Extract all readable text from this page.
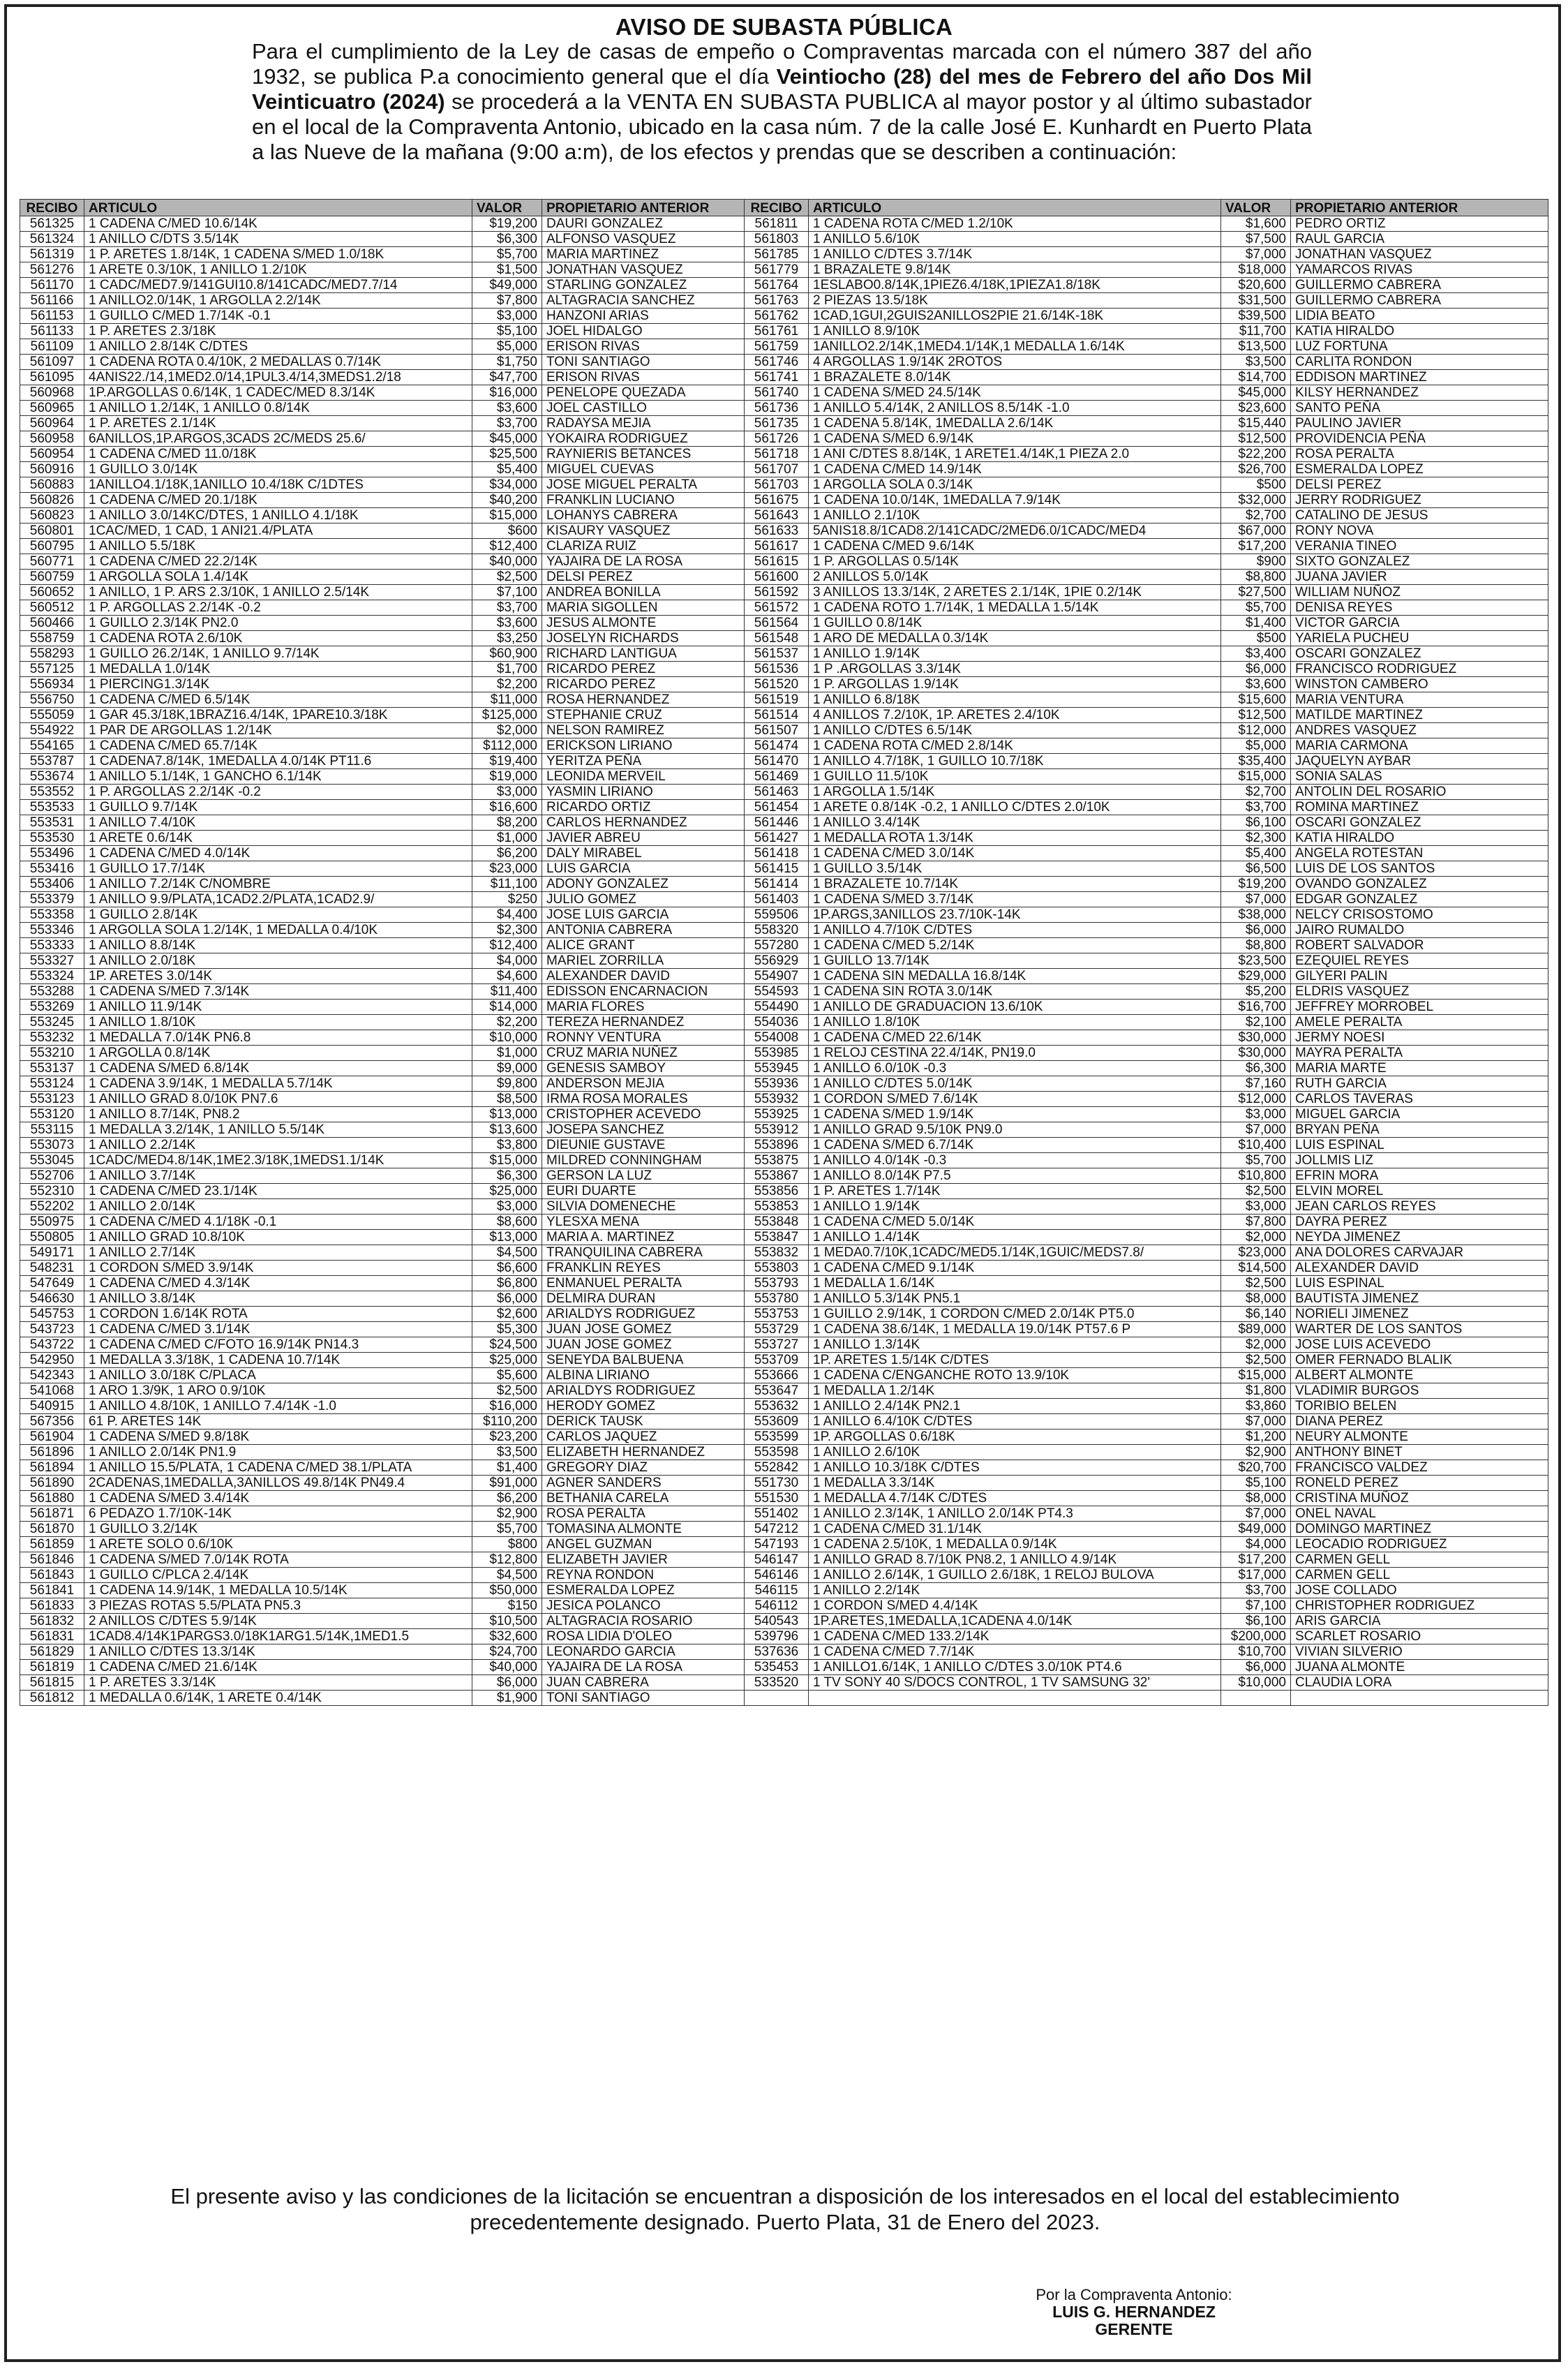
AVISO DE SUBASTA PÚBLICA
Para el cumplimiento de la Ley de casas de empeño o Compraventas marcada con el número 387 del año 1932, se publica P.a conocimiento general que el día Veintiocho (28) del mes de Febrero del año Dos Mil Veinticuatro (2024) se procederá a la VENTA EN SUBASTA PUBLICA al mayor postor y al último subastador en el local de la Compraventa Antonio, ubicado en la casa núm. 7 de la calle José E. Kunhardt en Puerto Plata a las Nueve de la mañana (9:00 a:m), de los efectos y prendas que se describen a continuación:
RECIBO	ARTICULO	VALOR	PROPIETARIO ANTERIOR	RECIBO	ARTICULO	VALOR	PROPIETARIO ANTERIOR
561325	1 CADENA C/MED 10.6/14K	$19,200	DAURI GONZALEZ	561811	1 CADENA ROTA C/MED 1.2/10K	$1,600	PEDRO ORTIZ
561324	1 ANILLO C/DTS 3.5/14K	$6,300	ALFONSO VASQUEZ	561803	1 ANILLO 5.6/10K	$7,500	RAUL GARCIA
561319	1 P. ARETES 1.8/14K, 1 CADENA S/MED 1.0/18K	$5,700	MARIA MARTINEZ	561785	1 ANILLO C/DTES 3.7/14K	$7,000	JONATHAN VASQUEZ
561276	1 ARETE 0.3/10K, 1 ANILLO 1.2/10K	$1,500	JONATHAN VASQUEZ	561779	1 BRAZALETE 9.8/14K	$18,000	YAMARCOS RIVAS
561170	1 CADC/MED7.9/141GUI10.8/141CADC/MED7.7/14	$49,000	STARLING GONZALEZ	561764	1ESLABO0.8/14K,1PIEZ6.4/18K,1PIEZA1.8/18K	$20,600	GUILLERMO CABRERA
561166	1 ANILLO2.0/14K, 1 ARGOLLA 2.2/14K	$7,800	ALTAGRACIA SANCHEZ	561763	2 PIEZAS 13.5/18K	$31,500	GUILLERMO CABRERA
561153	1 GUILLO C/MED 1.7/14K -0.1	$3,000	HANZONI ARIAS	561762	1CAD,1GUI,2GUIS2ANILLOS2PIE 21.6/14K-18K	$39,500	LIDIA BEATO
561133	1 P. ARETES 2.3/18K	$5,100	JOEL HIDALGO	561761	1 ANILLO 8.9/10K	$11,700	KATIA HIRALDO
561109	1 ANILLO 2.8/14K C/DTES	$5,000	ERISON RIVAS	561759	1ANILLO2.2/14K,1MED4.1/14K,1 MEDALLA 1.6/14K	$13,500	LUZ FORTUNA
561097	1 CADENA ROTA 0.4/10K, 2 MEDALLAS 0.7/14K	$1,750	TONI SANTIAGO	561746	4 ARGOLLAS 1.9/14K 2ROTOS	$3,500	CARLITA RONDON
561095	4ANIS22./14,1MED2.0/14,1PUL3.4/14,3MEDS1.2/18	$47,700	ERISON RIVAS	561741	1 BRAZALETE 8.0/14K	$14,700	EDDISON MARTINEZ
560968	1P.ARGOLLAS 0.6/14K, 1 CADEC/MED 8.3/14K	$16,000	PENELOPE QUEZADA	561740	1 CADENA S/MED 24.5/14K	$45,000	KILSY HERNANDEZ
560965	1 ANILLO 1.2/14K, 1 ANILLO 0.8/14K	$3,600	JOEL CASTILLO	561736	1 ANILLO 5.4/14K, 2 ANILLOS 8.5/14K -1.0	$23,600	SANTO PEÑA
560964	1 P. ARETES 2.1/14K	$3,700	RADAYSA MEJIA	561735	1 CADENA 5.8/14K, 1MEDALLA 2.6/14K	$15,440	PAULINO JAVIER
560958	6ANILLOS,1P.ARGOS,3CADS 2C/MEDS 25.6/	$45,000	YOKAIRA RODRIGUEZ	561726	1 CADENA S/MED 6.9/14K	$12,500	PROVIDENCIA PEÑA
560954	1 CADENA C/MED 11.0/18K	$25,500	RAYNIERIS BETANCES	561718	1 ANI C/DTES 8.8/14K, 1 ARETE1.4/14K,1 PIEZA 2.0	$22,200	ROSA PERALTA
560916	1 GUILLO 3.0/14K	$5,400	MIGUEL CUEVAS	561707	1 CADENA C/MED 14.9/14K	$26,700	ESMERALDA LOPEZ
560883	1ANILLO4.1/18K,1ANILLO 10.4/18K C/1DTES	$34,000	JOSE MIGUEL PERALTA	561703	1 ARGOLLA SOLA 0.3/14K	$500	DELSI PEREZ
560826	1 CADENA C/MED 20.1/18K	$40,200	FRANKLIN LUCIANO	561675	1 CADENA 10.0/14K, 1MEDALLA 7.9/14K	$32,000	JERRY RODRIGUEZ
560823	1 ANILLO 3.0/14KC/DTES, 1 ANILLO 4.1/18K	$15,000	LOHANYS CABRERA	561643	1 ANILLO 2.1/10K	$2,700	CATALINO DE JESUS
560801	1CAC/MED, 1 CAD, 1 ANI21.4/PLATA	$600	KISAURY VASQUEZ	561633	5ANIS18.8/1CAD8.2/141CADC/2MED6.0/1CADC/MED4	$67,000	RONY NOVA
560795	1 ANILLO 5.5/18K	$12,400	CLARIZA RUIZ	561617	1 CADENA C/MED 9.6/14K	$17,200	VERANIA TINEO
560771	1 CADENA C/MED 22.2/14K	$40,000	YAJAIRA DE LA ROSA	561615	1 P. ARGOLLAS 0.5/14K	$900	SIXTO GONZALEZ
560759	1 ARGOLLA SOLA 1.4/14K	$2,500	DELSI PEREZ	561600	2 ANILLOS 5.0/14K	$8,800	JUANA JAVIER
560652	1 ANILLO, 1 P. ARS 2.3/10K, 1 ANILLO 2.5/14K	$7,100	ANDREA BONILLA	561592	3 ANILLOS 13.3/14K, 2 ARETES 2.1/14K, 1PIE 0.2/14K	$27,500	WILLIAM NUÑOZ
560512	1 P. ARGOLLAS 2.2/14K -0.2	$3,700	MARIA SIGOLLEN	561572	1 CADENA ROTO 1.7/14K, 1 MEDALLA 1.5/14K	$5,700	DENISA REYES
560466	1 GUILLO 2.3/14K PN2.0	$3,600	JESUS ALMONTE	561564	1 GUILLO 0.8/14K	$1,400	VICTOR GARCIA
558759	1 CADENA ROTA 2.6/10K	$3,250	JOSELYN RICHARDS	561548	1 ARO DE MEDALLA 0.3/14K	$500	YARIELA PUCHEU
558293	1 GUILLO 26.2/14K, 1 ANILLO 9.7/14K	$60,900	RICHARD LANTIGUA	561537	1 ANILLO 1.9/14K	$3,400	OSCARI GONZALEZ
557125	1 MEDALLA 1.0/14K	$1,700	RICARDO PEREZ	561536	1 P .ARGOLLAS 3.3/14K	$6,000	FRANCISCO RODRIGUEZ
556934	1 PIERCING1.3/14K	$2,200	RICARDO PEREZ	561520	1 P. ARGOLLAS 1.9/14K	$3,600	WINSTON CAMBERO
556750	1 CADENA C/MED 6.5/14K	$11,000	ROSA HERNANDEZ	561519	1 ANILLO 6.8/18K	$15,600	MARIA VENTURA
555059	1 GAR 45.3/18K,1BRAZ16.4/14K, 1PARE10.3/18K	$125,000	STEPHANIE CRUZ	561514	4 ANILLOS 7.2/10K, 1P. ARETES 2.4/10K	$12,500	MATILDE MARTINEZ
554922	1 PAR DE ARGOLLAS 1.2/14K	$2,000	NELSON RAMIREZ	561507	1 ANILLO C/DTES 6.5/14K	$12,000	ANDRES VASQUEZ
554165	1 CADENA C/MED 65.7/14K	$112,000	ERICKSON LIRIANO	561474	1 CADENA ROTA C/MED 2.8/14K	$5,000	MARIA CARMONA
553787	1 CADENA7.8/14K, 1MEDALLA 4.0/14K PT11.6	$19,400	YERITZA PEÑA	561470	1 ANILLO 4.7/18K, 1 GUILLO 10.7/18K	$35,400	JAQUELYN AYBAR
553674	1 ANILLO 5.1/14K, 1 GANCHO 6.1/14K	$19,000	LEONIDA MERVEIL	561469	1 GUILLO 11.5/10K	$15,000	SONIA SALAS
553552	1 P. ARGOLLAS 2.2/14K -0.2	$3,000	YASMIN LIRIANO	561463	1 ARGOLLA 1.5/14K	$2,700	ANTOLIN DEL ROSARIO
553533	1 GUILLO 9.7/14K	$16,600	RICARDO ORTIZ	561454	1 ARETE 0.8/14K -0.2, 1 ANILLO C/DTES 2.0/10K	$3,700	ROMINA MARTINEZ
553531	1 ANILLO 7.4/10K	$8,200	CARLOS HERNANDEZ	561446	1 ANILLO 3.4/14K	$6,100	OSCARI GONZALEZ
553530	1 ARETE 0.6/14K	$1,000	JAVIER ABREU	561427	1 MEDALLA ROTA 1.3/14K	$2,300	KATIA HIRALDO
553496	1 CADENA C/MED 4.0/14K	$6,200	DALY MIRABEL	561418	1 CADENA C/MED 3.0/14K	$5,400	ANGELA ROTESTAN
553416	1 GUILLO 17.7/14K	$23,000	LUIS GARCIA	561415	1 GUILLO 3.5/14K	$6,500	LUIS DE LOS SANTOS
553406	1 ANILLO 7.2/14K C/NOMBRE	$11,100	ADONY GONZALEZ	561414	1 BRAZALETE 10.7/14K	$19,200	OVANDO GONZALEZ
553379	1 ANILLO 9.9/PLATA,1CAD2.2/PLATA,1CAD2.9/	$250	JULIO GOMEZ	561403	1 CADENA S/MED 3.7/14K	$7,000	EDGAR GONZALEZ
553358	1 GUILLO 2.8/14K	$4,400	JOSE LUIS GARCIA	559506	1P.ARGS,3ANILLOS 23.7/10K-14K	$38,000	NELCY CRISOSTOMO
553346	1 ARGOLLA SOLA 1.2/14K, 1 MEDALLA 0.4/10K	$2,300	ANTONIA CABRERA	558320	1 ANILLO 4.7/10K C/DTES	$6,000	JAIRO RUMALDO
553333	1 ANILLO 8.8/14K	$12,400	ALICE GRANT	557280	1 CADENA C/MED 5.2/14K	$8,800	ROBERT SALVADOR
553327	1 ANILLO 2.0/18K	$4,000	MARIEL ZORRILLA	556929	1 GUILLO 13.7/14K	$23,500	EZEQUIEL REYES
553324	1P. ARETES 3.0/14K	$4,600	ALEXANDER DAVID	554907	1 CADENA SIN MEDALLA 16.8/14K	$29,000	GILYERI PALIN
553288	1 CADENA S/MED 7.3/14K	$11,400	EDISSON ENCARNACION	554593	1 CADENA SIN ROTA 3.0/14K	$5,200	ELDRIS VASQUEZ
553269	1 ANILLO 11.9/14K	$14,000	MARIA FLORES	554490	1 ANILLO DE GRADUACION 13.6/10K	$16,700	JEFFREY MORROBEL
553245	1 ANILLO 1.8/10K	$2,200	TEREZA HERNANDEZ	554036	1 ANILLO 1.8/10K	$2,100	AMELE PERALTA
553232	1 MEDALLA 7.0/14K PN6.8	$10,000	RONNY VENTURA	554008	1 CADENA C/MED 22.6/14K	$30,000	JERMY NOESI
553210	1 ARGOLLA 0.8/14K	$1,000	CRUZ MARIA NUÑEZ	553985	1 RELOJ CESTINA 22.4/14K, PN19.0	$30,000	MAYRA PERALTA
553137	1 CADENA S/MED 6.8/14K	$9,000	GENESIS SAMBOY	553945	1 ANILLO 6.0/10K -0.3	$6,300	MARIA MARTE
553124	1 CADENA 3.9/14K, 1 MEDALLA 5.7/14K	$9,800	ANDERSON MEJIA	553936	1 ANILLO C/DTES 5.0/14K	$7,160	RUTH GARCIA
553123	1 ANILLO GRAD 8.0/10K PN7.6	$8,500	IRMA ROSA MORALES	553932	1 CORDON S/MED 7.6/14K	$12,000	CARLOS TAVERAS
553120	1 ANILLO 8.7/14K, PN8.2	$13,000	CRISTOPHER ACEVEDO	553925	1 CADENA S/MED 1.9/14K	$3,000	MIGUEL GARCIA
553115	1 MEDALLA 3.2/14K, 1 ANILLO 5.5/14K	$13,600	JOSEPA SANCHEZ	553912	1 ANILLO GRAD 9.5/10K PN9.0	$7,000	BRYAN PEÑA
553073	1 ANILLO 2.2/14K	$3,800	DIEUNIE GUSTAVE	553896	1 CADENA S/MED 6.7/14K	$10,400	LUIS ESPINAL
553045	1CADC/MED4.8/14K,1ME2.3/18K,1MEDS1.1/14K	$15,000	MILDRED CONNINGHAM	553875	1 ANILLO 4.0/14K -0.3	$5,700	JOLLMIS LIZ
552706	1 ANILLO 3.7/14K	$6,300	GERSON LA LUZ	553867	1 ANILLO 8.0/14K P7.5	$10,800	EFRIN MORA
552310	1 CADENA C/MED 23.1/14K	$25,000	EURI DUARTE	553856	1 P. ARETES 1.7/14K	$2,500	ELVIN MOREL
552202	1 ANILLO 2.0/14K	$3,000	SILVIA DOMENECHE	553853	1 ANILLO 1.9/14K	$3,000	JEAN CARLOS REYES
550975	1 CADENA C/MED 4.1/18K -0.1	$8,600	YLESXA MENA	553848	1 CADENA C/MED 5.0/14K	$7,800	DAYRA PEREZ
550805	1 ANILLO GRAD 10.8/10K	$13,000	MARIA A. MARTINEZ	553847	1 ANILLO 1.4/14K	$2,000	NEYDA JIMENEZ
549171	1 ANILLO 2.7/14K	$4,500	TRANQUILINA CABRERA	553832	1 MEDA0.7/10K,1CADC/MED5.1/14K,1GUIC/MEDS7.8/	$23,000	ANA DOLORES CARVAJAR
548231	1 CORDON S/MED 3.9/14K	$6,600	FRANKLIN REYES	553803	1 CADENA C/MED 9.1/14K	$14,500	ALEXANDER DAVID
547649	1 CADENA C/MED 4.3/14K	$6,800	ENMANUEL PERALTA	553793	1 MEDALLA 1.6/14K	$2,500	LUIS ESPINAL
546630	1 ANILLO 3.8/14K	$6,000	DELMIRA DURAN	553780	1 ANILLO 5.3/14K PN5.1	$8,000	BAUTISTA JIMENEZ
545753	1 CORDON 1.6/14K ROTA	$2,600	ARIALDYS RODRIGUEZ	553753	1 GUILLO 2.9/14K, 1 CORDON C/MED 2.0/14K PT5.0	$6,140	NORIELI JIMENEZ
543723	1 CADENA C/MED 3.1/14K	$5,300	JUAN JOSE GOMEZ	553729	1 CADENA 38.6/14K, 1 MEDALLA 19.0/14K PT57.6 P	$89,000	WARTER DE LOS SANTOS
543722	1 CADENA C/MED C/FOTO 16.9/14K PN14.3	$24,500	JUAN JOSE GOMEZ	553727	1 ANILLO 1.3/14K	$2,000	JOSE LUIS ACEVEDO
542950	1 MEDALLA 3.3/18K, 1 CADENA 10.7/14K	$25,000	SENEYDA BALBUENA	553709	1P. ARETES 1.5/14K C/DTES	$2,500	OMER FERNADO BLALIK
542343	1 ANILLO 3.0/18K C/PLACA	$5,600	ALBINA LIRIANO	553666	1 CADENA C/ENGANCHE ROTO 13.9/10K	$15,000	ALBERT ALMONTE
541068	1 ARO 1.3/9K, 1 ARO 0.9/10K	$2,500	ARIALDYS RODRIGUEZ	553647	1 MEDALLA 1.2/14K	$1,800	VLADIMIR BURGOS
540915	1 ANILLO 4.8/10K, 1 ANILLO 7.4/14K -1.0	$16,000	HERODY GOMEZ	553632	1 ANILLO 2.4/14K PN2.1	$3,860	TORIBIO BELEN
567356	61 P. ARETES 14K	$110,200	DERICK TAUSK	553609	1 ANILLO 6.4/10K C/DTES	$7,000	DIANA PEREZ
561904	1 CADENA S/MED 9.8/18K	$23,200	CARLOS JAQUEZ	553599	1P. ARGOLLAS 0.6/18K	$1,200	NEURY ALMONTE
561896	1 ANILLO 2.0/14K PN1.9	$3,500	ELIZABETH HERNANDEZ	553598	1 ANILLO 2.6/10K	$2,900	ANTHONY BINET
561894	1 ANILLO 15.5/PLATA, 1 CADENA C/MED 38.1/PLATA	$1,400	GREGORY DIAZ	552842	1 ANILLO 10.3/18K C/DTES	$20,700	FRANCISCO VALDEZ
561890	2CADENAS,1MEDALLA,3ANILLOS 49.8/14K PN49.4	$91,000	AGNER SANDERS	551730	1 MEDALLA 3.3/14K	$5,100	RONELD PEREZ
561880	1 CADENA S/MED 3.4/14K	$6,200	BETHANIA CARELA	551530	1 MEDALLA 4.7/14K C/DTES	$8,000	CRISTINA MUÑOZ
561871	6 PEDAZO 1.7/10K-14K	$2,900	ROSA PERALTA	551402	1 ANILLO 2.3/14K, 1 ANILLO 2.0/14K PT4.3	$7,000	ONEL NAVAL
561870	1 GUILLO 3.2/14K	$5,700	TOMASINA ALMONTE	547212	1 CADENA C/MED 31.1/14K	$49,000	DOMINGO MARTINEZ
561859	1 ARETE SOLO 0.6/10K	$800	ANGEL GUZMAN	547193	1 CADENA 2.5/10K, 1 MEDALLA 0.9/14K	$4,000	LEOCADIO RODRIGUEZ
561846	1 CADENA S/MED 7.0/14K ROTA	$12,800	ELIZABETH JAVIER	546147	1 ANILLO GRAD 8.7/10K PN8.2, 1 ANILLO 4.9/14K	$17,200	CARMEN GELL
561843	1 GUILLO C/PLCA 2.4/14K	$4,500	REYNA RONDON	546146	1 ANILLO 2.6/14K, 1 GUILLO 2.6/18K, 1 RELOJ BULOVA	$17,000	CARMEN GELL
561841	1 CADENA 14.9/14K, 1 MEDALLA 10.5/14K	$50,000	ESMERALDA LOPEZ	546115	1 ANILLO 2.2/14K	$3,700	JOSE COLLADO
561833	3 PIEZAS ROTAS 5.5/PLATA PN5.3	$150	JESICA POLANCO	546112	1 CORDON S/MED 4.4/14K	$7,100	CHRISTOPHER RODRIGUEZ
561832	2 ANILLOS C/DTES 5.9/14K	$10,500	ALTAGRACIA ROSARIO	540543	1P.ARETES,1MEDALLA,1CADENA 4.0/14K	$6,100	ARIS GARCIA
561831	1CAD8.4/14K1PARGS3.0/18K1ARG1.5/14K,1MED1.5	$32,600	ROSA LIDIA D'OLEO	539796	1 CADENA C/MED 133.2/14K	$200,000	SCARLET ROSARIO
561829	1 ANILLO C/DTES 13.3/14K	$24,700	LEONARDO GARCIA	537636	1 CADENA C/MED 7.7/14K	$10,700	VIVIAN SILVERIO
561819	1 CADENA C/MED 21.6/14K	$40,000	YAJAIRA DE LA ROSA	535453	1 ANILLO1.6/14K, 1 ANILLO C/DTES 3.0/10K PT4.6	$6,000	JUANA ALMONTE
561815	1 P. ARETES 3.3/14K	$6,000	JUAN CABRERA	533520	1 TV SONY 40 S/DOCS CONTROL, 1 TV SAMSUNG 32'	$10,000	CLAUDIA LORA
561812	1 MEDALLA 0.6/14K, 1 ARETE 0.4/14K	$1,900	TONI SANTIAGO				
El presente aviso y las condiciones de la licitación se encuentran a disposición de los interesados en el local del establecimiento precedentemente designado. Puerto Plata, 31 de Enero del 2023.
Por la Compraventa Antonio:
LUIS G. HERNANDEZ
GERENTE
